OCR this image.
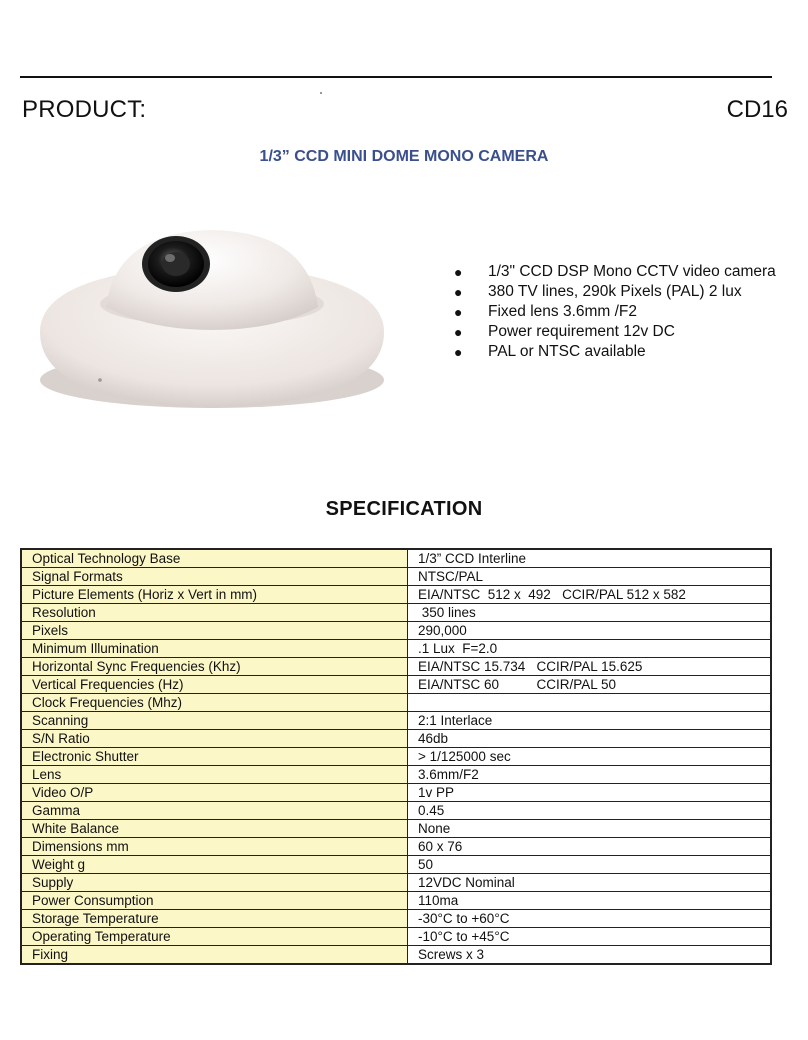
PRODUCT:	CD16
1/3” CCD MINI DOME MONO CAMERA
● 1/3" CCD DSP Mono CCTV video camera
● 380 TV lines, 290k Pixels (PAL) 2 lux
● Fixed lens 3.6mm /F2
● Power requirement 12v DC
● PAL or NTSC available
SPECIFICATION
Optical Technology Base	1/3” CCD Interline
Signal Formats	NTSC/PAL
Picture Elements (Horiz x Vert in mm)	EIA/NTSC  512 x  492   CCIR/PAL 512 x 582
Resolution	350 lines
Pixels	290,000
Minimum Illumination	.1 Lux  F=2.0
Horizontal Sync Frequencies (Khz)	EIA/NTSC 15.734   CCIR/PAL 15.625
Vertical Frequencies (Hz)	EIA/NTSC 60          CCIR/PAL 50
Clock Frequencies (Mhz)	
Scanning	2:1 Interlace
S/N Ratio	46db
Electronic Shutter	> 1/125000 sec
Lens	3.6mm/F2
Video O/P	1v PP
Gamma	0.45
White Balance	None
Dimensions mm	60 x 76
Weight g	50
Supply	12VDC Nominal
Power Consumption	110ma
Storage Temperature	-30°C to +60°C
Operating Temperature	-10°C to +45°C
Fixing	Screws x 3
